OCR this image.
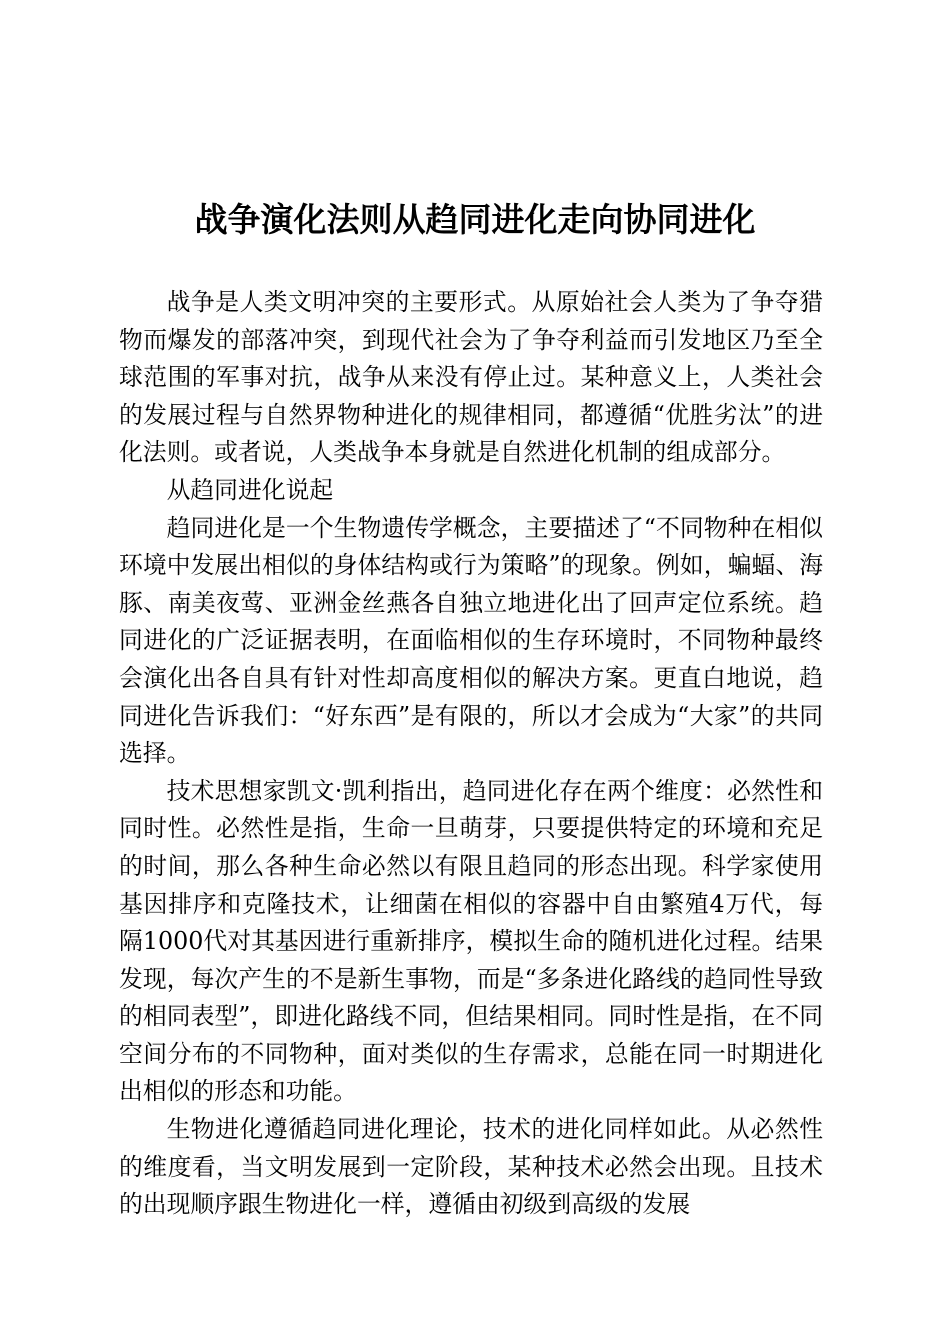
战争演化法则从趋同进化走向协同进化

战争是人类文明冲突的主要形式。从原始社会人类为了争夺猎物而爆发的部落冲突，到现代社会为了争夺利益而引发地区乃至全球范围的军事对抗，战争从来没有停止过。某种意义上，人类社会的发展过程与自然界物种进化的规律相同，都遵循“优胜劣汰”的进化法则。或者说，人类战争本身就是自然进化机制的组成部分。

从趋同进化说起

趋同进化是一个生物遗传学概念，主要描述了“不同物种在相似环境中发展出相似的身体结构或行为策略”的现象。例如，蝙蝠、海豚、南美夜莺、亚洲金丝燕各自独立地进化出了回声定位系统。趋同进化的广泛证据表明，在面临相似的生存环境时，不同物种最终会演化出各自具有针对性却高度相似的解决方案。更直白地说，趋同进化告诉我们：“好东西”是有限的，所以才会成为“大家”的共同选择。

技术思想家凯文·凯利指出，趋同进化存在两个维度：必然性和同时性。必然性是指，生命一旦萌芽，只要提供特定的环境和充足的时间，那么各种生命必然以有限且趋同的形态出现。科学家使用基因排序和克隆技术，让细菌在相似的容器中自由繁殖4万代，每隔1000代对其基因进行重新排序，模拟生命的随机进化过程。结果发现，每次产生的不是新生事物，而是“多条进化路线的趋同性导致的相同表型”，即进化路线不同，但结果相同。同时性是指，在不同空间分布的不同物种，面对类似的生存需求，总能在同一时期进化出相似的形态和功能。

生物进化遵循趋同进化理论，技术的进化同样如此。从必然性的维度看，当文明发展到一定阶段，某种技术必然会出现。且技术的出现顺序跟生物进化一样，遵循由初级到高级的发展
